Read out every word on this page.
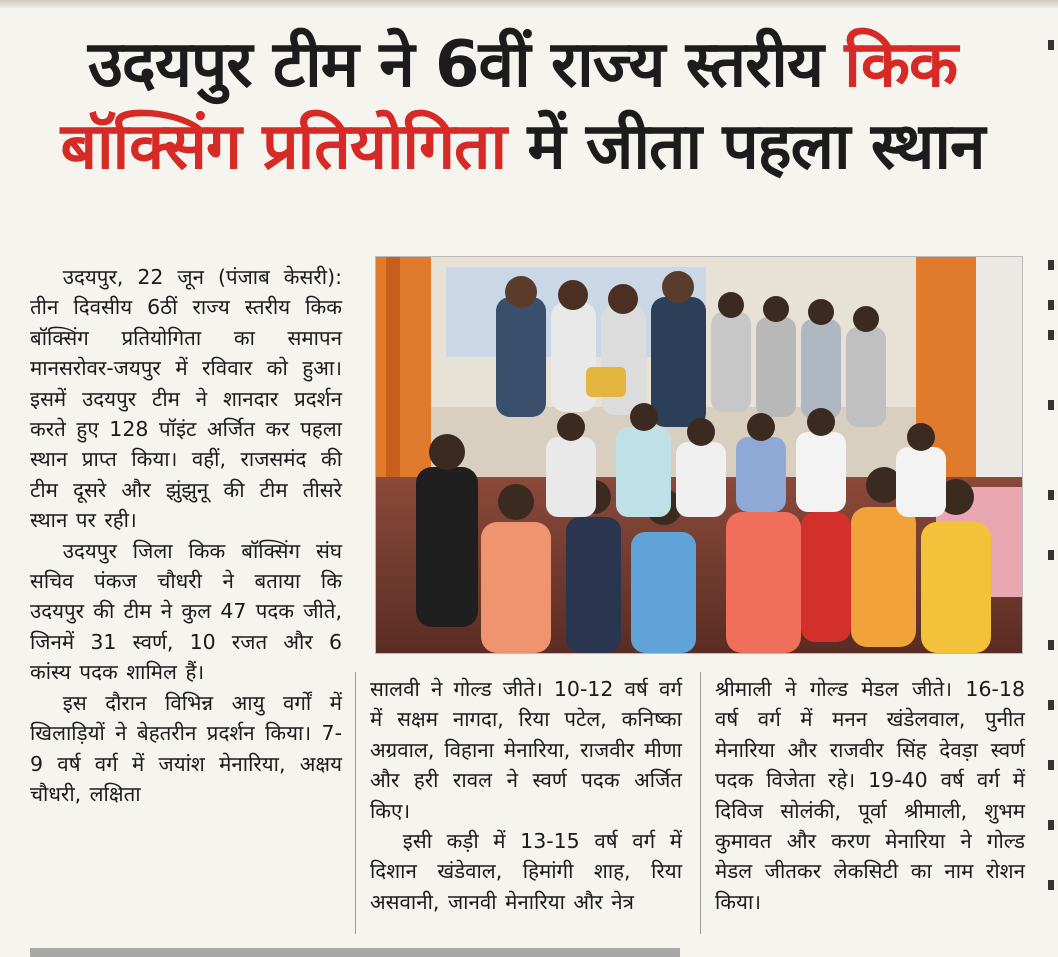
उदयपुर टीम ने 6वीं राज्य स्तरीय किक
बॉक्सिंग प्रतियोगिता में जीता पहला स्थान

उदयपुर, 22 जून (पंजाब केसरी): तीन दिवसीय 6ठीं राज्य स्तरीय किक बॉक्सिंग प्रतियोगिता का समापन मानसरोवर-जयपुर में रविवार को हुआ। इसमें उदयपुर टीम ने शानदार प्रदर्शन करते हुए 128 पॉइंट अर्जित कर पहला स्थान प्राप्त किया। वहीं, राजसमंद की टीम दूसरे और झुंझुनू की टीम तीसरे स्थान पर रही।

उदयपुर जिला किक बॉक्सिंग संघ सचिव पंकज चौधरी ने बताया कि उदयपुर की टीम ने कुल 47 पदक जीते, जिनमें 31 स्वर्ण, 10 रजत और 6 कांस्य पदक शामिल हैं।

इस दौरान विभिन्न आयु वर्गों में खिलाड़ियों ने बेहतरीन प्रदर्शन किया। 7-9 वर्ष वर्ग में जयांश मेनारिया, अक्षय चौधरी, लक्षिता

सालवी ने गोल्ड जीते। 10-12 वर्ष वर्ग में सक्षम नागदा, रिया पटेल, कनिष्का अग्रवाल, विहाना मेनारिया, राजवीर मीणा और हरी रावल ने स्वर्ण पदक अर्जित किए।

इसी कड़ी में 13-15 वर्ष वर्ग में दिशान खंडेवाल, हिमांगी शाह, रिया असवानी, जानवी मेनारिया और नेत्र

श्रीमाली ने गोल्ड मेडल जीते। 16-18 वर्ष वर्ग में मनन खंडेलवाल, पुनीत मेनारिया और राजवीर सिंह देवड़ा स्वर्ण पदक विजेता रहे। 19-40 वर्ष वर्ग में दिविज सोलंकी, पूर्वा श्रीमाली, शुभम कुमावत और करण मेनारिया ने गोल्ड मेडल जीतकर लेकसिटी का नाम रोशन किया।
